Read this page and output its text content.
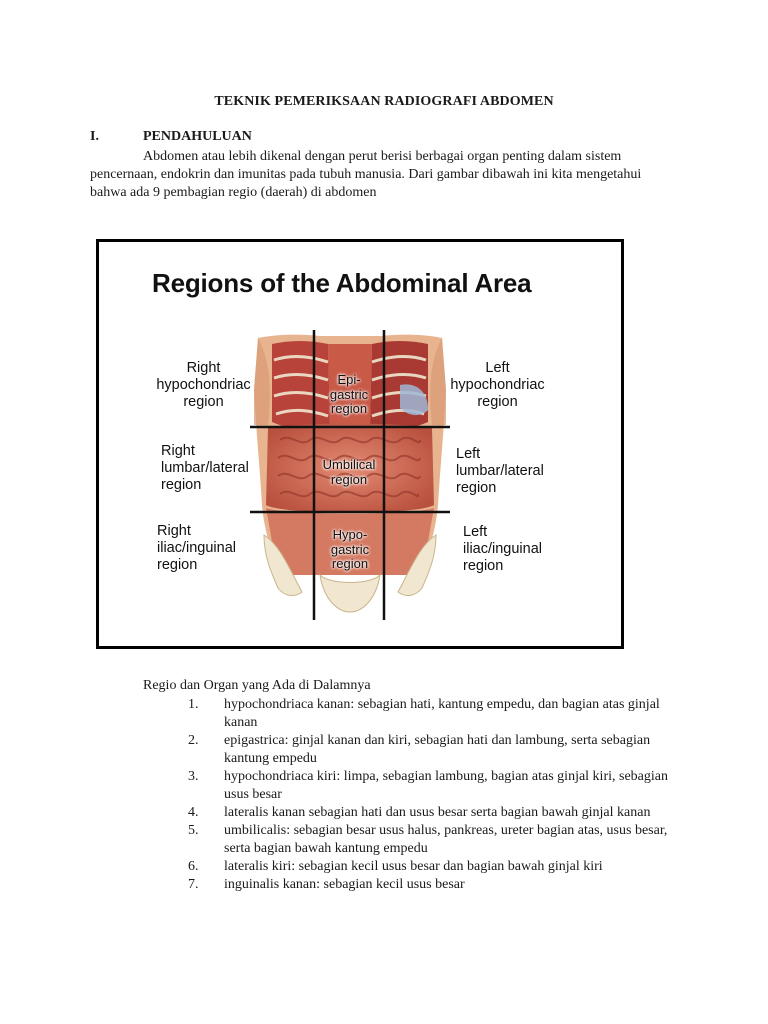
TEKNIK PEMERIKSAAN RADIOGRAFI ABDOMEN
I.	PENDAHULUAN
Abdomen atau lebih dikenal dengan perut berisi berbagai organ penting dalam sistem pencernaan, endokrin dan imunitas pada tubuh manusia. Dari gambar dibawah ini kita mengetahui bahwa ada 9 pembagian regio (daerah) di abdomen
Regions of the Abdominal Area
Right
hypochondriac
region
Left
hypochondriac
region
Right
lumbar/lateral
region
Left
lumbar/lateral
region
Right
iliac/inguinal
region
Left
iliac/inguinal
region
Epi-
gastric
region
Umbilical
region
Hypo-
gastric
region
Regio dan Organ yang Ada di Dalamnya
1. hypochondriaca kanan: sebagian hati, kantung empedu, dan bagian atas ginjal kanan
2. epigastrica: ginjal kanan dan kiri, sebagian hati dan lambung, serta sebagian kantung empedu
3. hypochondriaca kiri: limpa, sebagian lambung, bagian atas ginjal kiri, sebagian usus besar
4. lateralis kanan sebagian hati dan usus besar serta bagian bawah ginjal kanan
5. umbilicalis: sebagian besar usus halus, pankreas, ureter bagian atas, usus besar, serta bagian bawah kantung empedu
6. lateralis kiri: sebagian kecil usus besar dan bagian bawah ginjal kiri
7. inguinalis kanan: sebagian kecil usus besar
